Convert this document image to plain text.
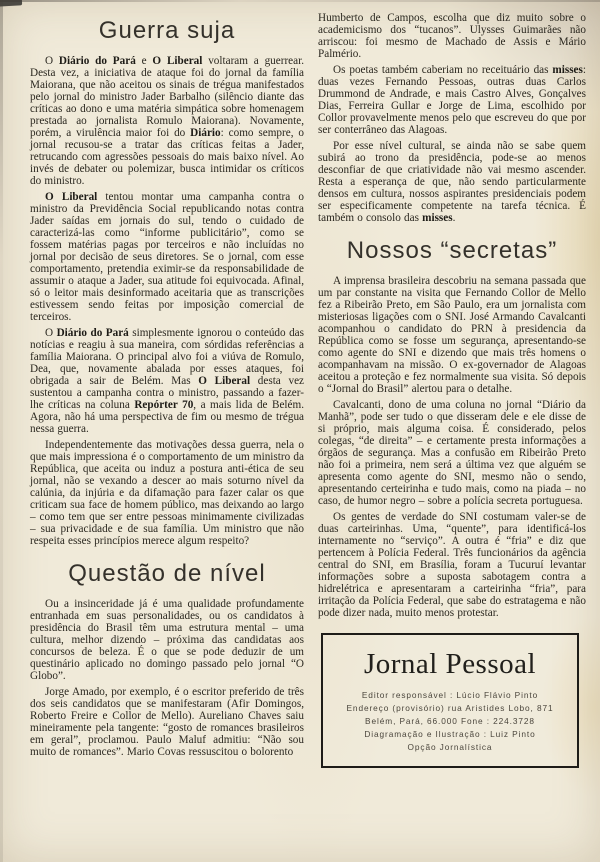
Guerra suja

O Diário do Pará e O Liberal voltaram a guerrear. Desta vez, a iniciativa de ataque foi do jornal da família Maiorana, que não aceitou os sinais de trégua manifestados pelo jornal do ministro Jader Barbalho (silêncio diante das críticas ao dono e uma matéria simpática sobre homenagem prestada ao jornalista Romulo Maiorana). Novamente, porém, a virulência maior foi do Diário: como sempre, o jornal recusou-se a tratar das críticas feitas a Jader, retrucando com agressões pessoais do mais baixo nível. Ao invés de debater ou polemizar, busca intimidar os críticos do ministro.

O Liberal tentou montar uma campanha contra o ministro da Previdência Social republicando notas contra Jader saídas em jornais do sul, tendo o cuidado de caracterizá-las como “informe publicitário”, como se fossem matérias pagas por terceiros e não incluídas no jornal por decisão de seus diretores. Se o jornal, com esse comportamento, pretendia eximir-se da responsabilidade de assumir o ataque a Jader, sua atitude foi equivocada. Afinal, só o leitor mais desinformado aceitaria que as transcrições estivessem sendo feitas por imposição comercial de terceiros.

O Diário do Pará simplesmente ignorou o conteúdo das notícias e reagiu à sua maneira, com sórdidas referências a família Maiorana. O principal alvo foi a viúva de Romulo, Dea, que, novamente abalada por esses ataques, foi obrigada a sair de Belém. Mas O Liberal desta vez sustentou a campanha contra o ministro, passando a fazer-lhe críticas na coluna Repórter 70, a mais lida de Belém. Agora, não há uma perspectiva de fim ou mesmo de trégua nessa guerra.

Independentemente das motivações dessa guerra, nela o que mais impressiona é o comportamento de um ministro da República, que aceita ou induz a postura anti-ética de seu jornal, não se vexando a descer ao mais soturno nível da calúnia, da injúria e da difamação para fazer calar os que criticam sua face de homem público, mas deixando ao largo – como tem que ser entre pessoas minimamente civilizadas – sua privacidade e de sua família. Um ministro que não respeita esses princípios merece algum respeito?

Questão de nível

Ou a insinceridade já é uma qualidade profundamente entranhada em suas personalidades, ou os candidatos à presidência do Brasil têm uma estrutura mental – uma cultura, melhor dizendo – próxima das candidatas aos concursos de beleza. É o que se pode deduzir de um questinário aplicado no domingo passado pelo jornal “O Globo”.

Jorge Amado, por exemplo, é o escritor preferido de três dos seis candidatos que se manifestaram (Afir Domingos, Roberto Freire e Collor de Mello). Aureliano Chaves saiu mineiramente pela tangente: “gosto de romances brasileiros em geral”, proclamou. Paulo Maluf admitiu: “Não sou muito de romances”. Mario Covas ressuscitou o bolorento

Humberto de Campos, escolha que diz muito sobre o academicismo dos “tucanos”. Ulysses Guimarães não arriscou: foi mesmo de Machado de Assis e Mário Palmério.

Os poetas também caberiam no receituário das misses: duas vezes Fernando Pessoas, outras duas Carlos Drummond de Andrade, e mais Castro Alves, Gonçalves Dias, Ferreira Gullar e Jorge de Lima, escolhido por Collor provavelmente menos pelo que escreveu do que por ser conterrâneo das Alagoas.

Por esse nível cultural, se ainda não se sabe quem subirá ao trono da presidência, pode-se ao menos desconfiar de que criatividade não vai mesmo ascender. Resta a esperança de que, não sendo particularmente densos em cultura, nossos aspirantes presidenciais podem ser especificamente competente na tarefa técnica. É também o consolo das misses.

Nossos “secretas”

A imprensa brasileira descobriu na semana passada que um par constante na visita que Fernando Collor de Mello fez a Ribeirão Preto, em São Paulo, era um jornalista com misteriosas ligações com o SNI. José Armando Cavalcanti acompanhou o candidato do PRN à presidencia da República como se fosse um segurança, apresentando-se como agente do SNI e dizendo que mais três homens o acompanhavam na missão. O ex-governador de Alagoas aceitou a proteção e fez normalmente sua visita. Só depois o “Jornal do Brasil” alertou para o detalhe.

Cavalcanti, dono de uma coluna no jornal “Diário da Manhã”, pode ser tudo o que disseram dele e ele disse de si próprio, mais alguma coisa. É considerado, pelos colegas, “de direita” – e certamente presta informações a órgãos de segurança. Mas a confusão em Ribeirão Preto não foi a primeira, nem será a última vez que alguém se apresenta como agente do SNI, mesmo não o sendo, apresentando certeirinha e tudo mais, como na piada – no caso, de humor negro – sobre a polícia secreta portuguesa.

Os gentes de verdade do SNI costumam valer-se de duas carteirinhas. Uma, “quente”, para identificá-los internamente no “serviço”. A outra é “fria” e diz que pertencem à Polícia Federal. Três funcionários da agência central do SNI, em Brasília, foram a Tucuruí levantar informações sobre a suposta sabotagem contra a hidrelétrica e apresentaram a carteirinha “fria”, para irritação da Polícia Federal, que sabe do estratagema e não pode dizer nada, muito menos protestar.

Jornal Pessoal
Editor responsável : Lúcio Flávio Pinto
Endereço (provisório) rua Aristides Lobo, 871
Belém, Pará, 66.000 Fone : 224.3728
Diagramação e Ilustração : Luiz Pinto
Opção Jornalística
